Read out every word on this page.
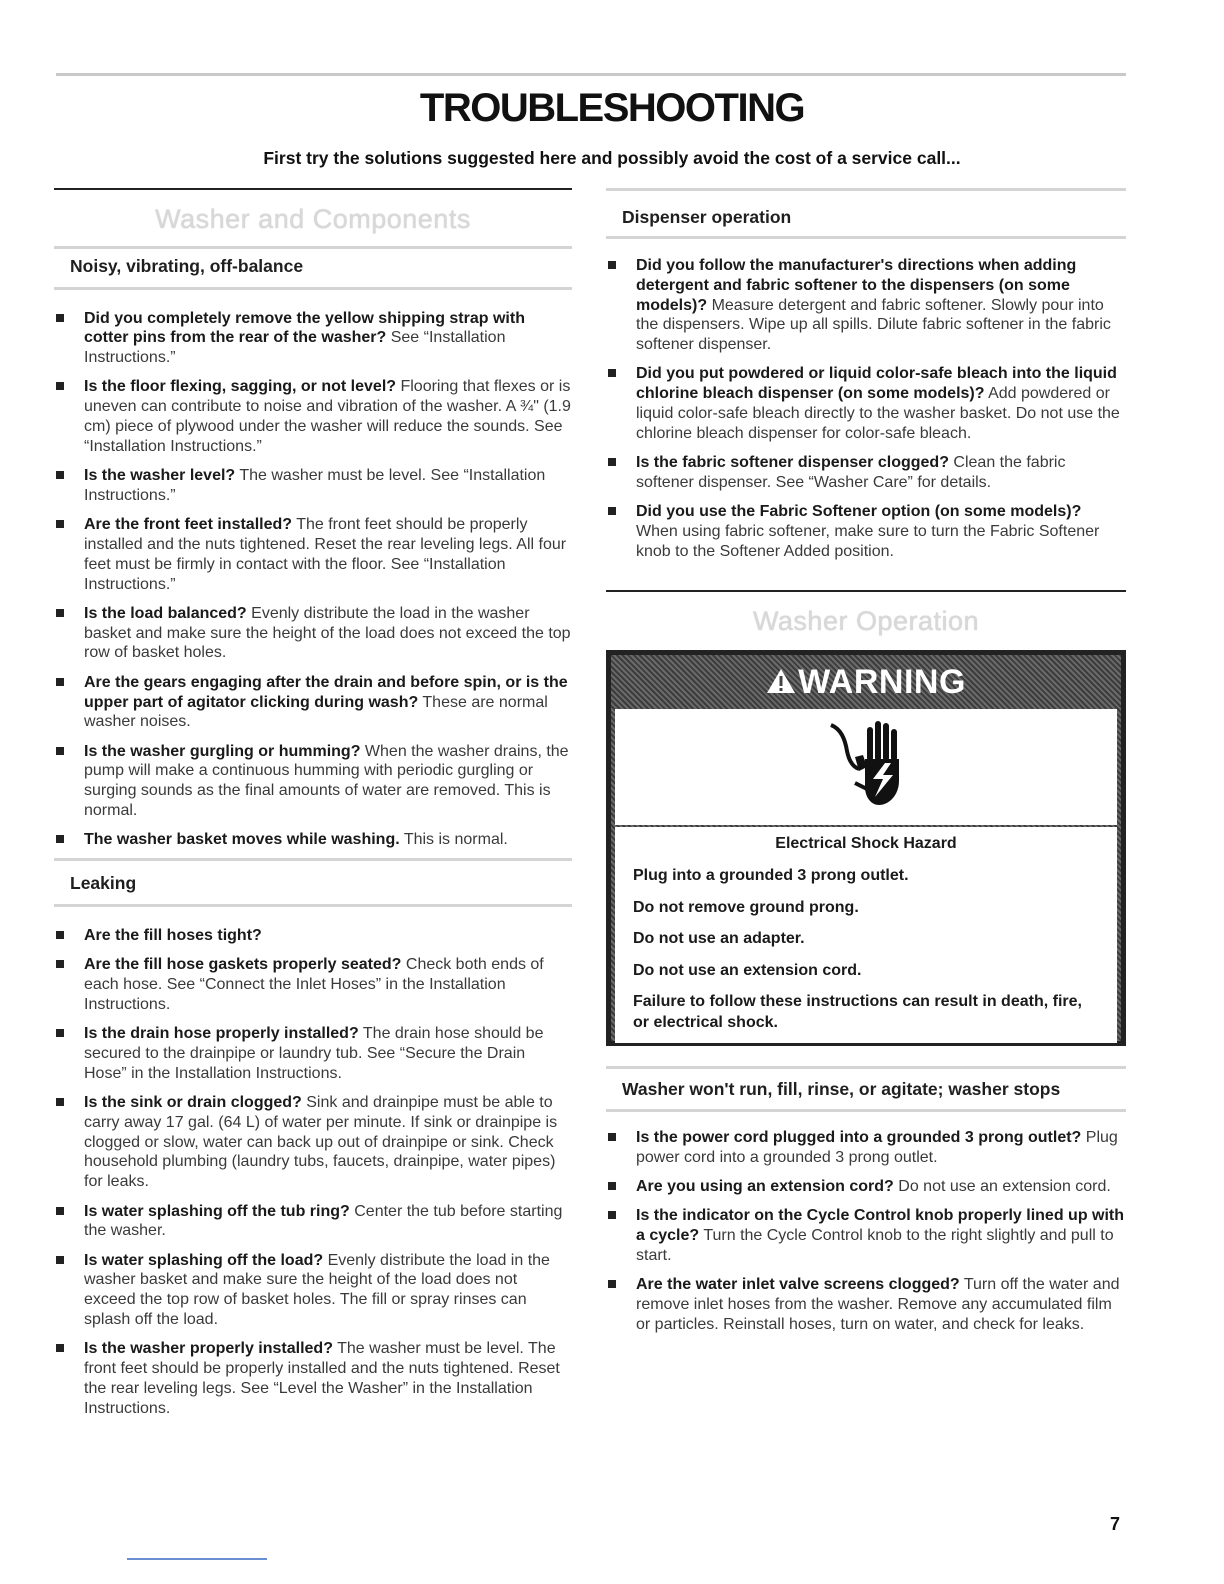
TROUBLESHOOTING

First try the solutions suggested here and possibly avoid the cost of a service call...

Washer and Components
Noisy, vibrating, off-balance
Did you completely remove the yellow shipping strap with cotter pins from the rear of the washer? See “Installation Instructions.”
Is the floor flexing, sagging, or not level? Flooring that flexes or is uneven can contribute to noise and vibration of the washer. A ¾" (1.9 cm) piece of plywood under the washer will reduce the sounds. See “Installation Instructions.”
Is the washer level? The washer must be level. See “Installation Instructions.”
Are the front feet installed? The front feet should be properly installed and the nuts tightened. Reset the rear leveling legs. All four feet must be firmly in contact with the floor. See “Installation Instructions.”
Is the load balanced? Evenly distribute the load in the washer basket and make sure the height of the load does not exceed the top row of basket holes.
Are the gears engaging after the drain and before spin, or is the upper part of agitator clicking during wash? These are normal washer noises.
Is the washer gurgling or humming? When the washer drains, the pump will make a continuous humming with periodic gurgling or surging sounds as the final amounts of water are removed. This is normal.
The washer basket moves while washing. This is normal.
Leaking
Are the fill hoses tight?
Are the fill hose gaskets properly seated? Check both ends of each hose. See “Connect the Inlet Hoses” in the Installation Instructions.
Is the drain hose properly installed? The drain hose should be secured to the drainpipe or laundry tub. See “Secure the Drain Hose” in the Installation Instructions.
Is the sink or drain clogged? Sink and drainpipe must be able to carry away 17 gal. (64 L) of water per minute. If sink or drainpipe is clogged or slow, water can back up out of drainpipe or sink. Check household plumbing (laundry tubs, faucets, drainpipe, water pipes) for leaks.
Is water splashing off the tub ring? Center the tub before starting the washer.
Is water splashing off the load? Evenly distribute the load in the washer basket and make sure the height of the load does not exceed the top row of basket holes. The fill or spray rinses can splash off the load.
Is the washer properly installed? The washer must be level. The front feet should be properly installed and the nuts tightened. Reset the rear leveling legs. See “Level the Washer” in the Installation Instructions.
Dispenser operation
Did you follow the manufacturer's directions when adding detergent and fabric softener to the dispensers (on some models)? Measure detergent and fabric softener. Slowly pour into the dispensers. Wipe up all spills. Dilute fabric softener in the fabric softener dispenser.
Did you put powdered or liquid color-safe bleach into the liquid chlorine bleach dispenser (on some models)? Add powdered or liquid color-safe bleach directly to the washer basket. Do not use the chlorine bleach dispenser for color-safe bleach.
Is the fabric softener dispenser clogged? Clean the fabric softener dispenser. See “Washer Care” for details.
Did you use the Fabric Softener option (on some models)? When using fabric softener, make sure to turn the Fabric Softener knob to the Softener Added position.
Washer Operation
WARNING
Electrical Shock Hazard
Plug into a grounded 3 prong outlet.
Do not remove ground prong.
Do not use an adapter.
Do not use an extension cord.
Failure to follow these instructions can result in death, fire, or electrical shock.
Washer won't run, fill, rinse, or agitate; washer stops
Is the power cord plugged into a grounded 3 prong outlet? Plug power cord into a grounded 3 prong outlet.
Are you using an extension cord? Do not use an extension cord.
Is the indicator on the Cycle Control knob properly lined up with a cycle? Turn the Cycle Control knob to the right slightly and pull to start.
Are the water inlet valve screens clogged? Turn off the water and remove inlet hoses from the washer. Remove any accumulated film or particles. Reinstall hoses, turn on water, and check for leaks.
7
